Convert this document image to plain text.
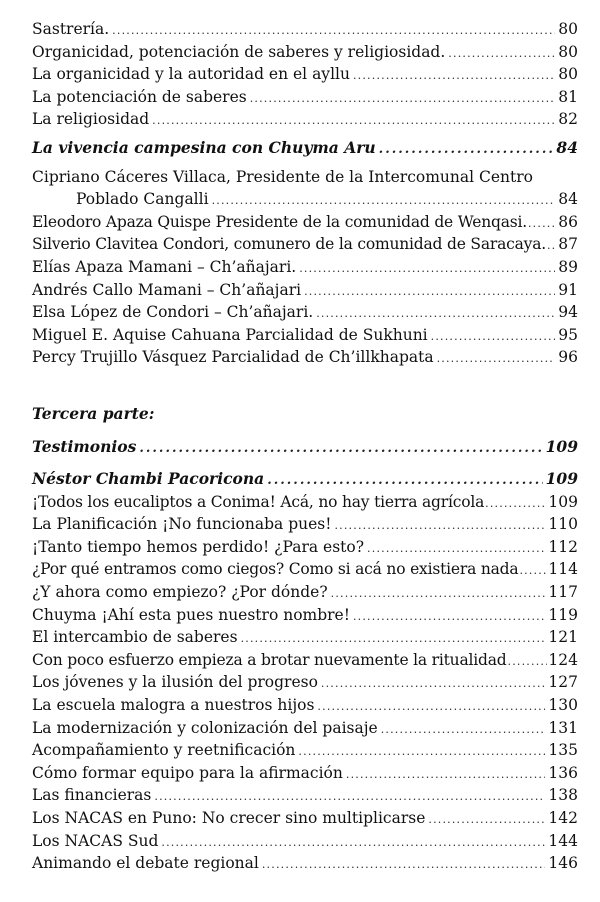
Sastrería. .....	80
Organicidad, potenciación de saberes y religiosidad. .....	80
La organicidad y la autoridad en el ayllu .....	80
La potenciación de saberes .....	81
La religiosidad .....	82
La vivencia campesina con Chuyma Aru .....	84
Cipriano Cáceres Villaca, Presidente de la Intercomunal Centro
Poblado Cangalli .....	84
Eleodoro Apaza Quispe Presidente de la comunidad de Wenqasi. ..... 86
Silverio Clavitea Condori, comunero de la comunidad de Saracaya. ..... 87
Elías Apaza Mamani – Ch’añajari. .....	89
Andrés Callo Mamani – Ch’añajari .....	91
Elsa López de Condori – Ch’añajari. .....	94
Miguel E. Aquise Cahuana Parcialidad de Sukhuni .....	95
Percy Trujillo Vásquez Parcialidad de Ch’illkhapata .....	96
Tercera parte:
Testimonios .....	109
Néstor Chambi Pacoricona .....	109
¡Todos los eucaliptos a Conima! Acá, no hay tierra agrícola .....	109
La Planificación ¡No funcionaba pues! .....	110
¡Tanto tiempo hemos perdido! ¿Para esto? .....	112
¿Por qué entramos como ciegos? Como si acá no existiera nada ..... 114
¿Y ahora como empiezo? ¿Por dónde? .....	117
Chuyma ¡Ahí esta pues nuestro nombre! .....	119
El intercambio de saberes .....	121
Con poco esfuerzo empieza a brotar nuevamente la ritualidad .....	124
Los jóvenes y la ilusión del progreso .....	127
La escuela malogra a nuestros hijos .....	130
La modernización y colonización del paisaje .....	131
Acompañamiento y reetnificación .....	135
Cómo formar equipo para la afirmación .....	136
Las financieras .....	138
Los NACAS en Puno: No crecer sino multiplicarse .....	142
Los NACAS Sud .....	144
Animando el debate regional .....	146
